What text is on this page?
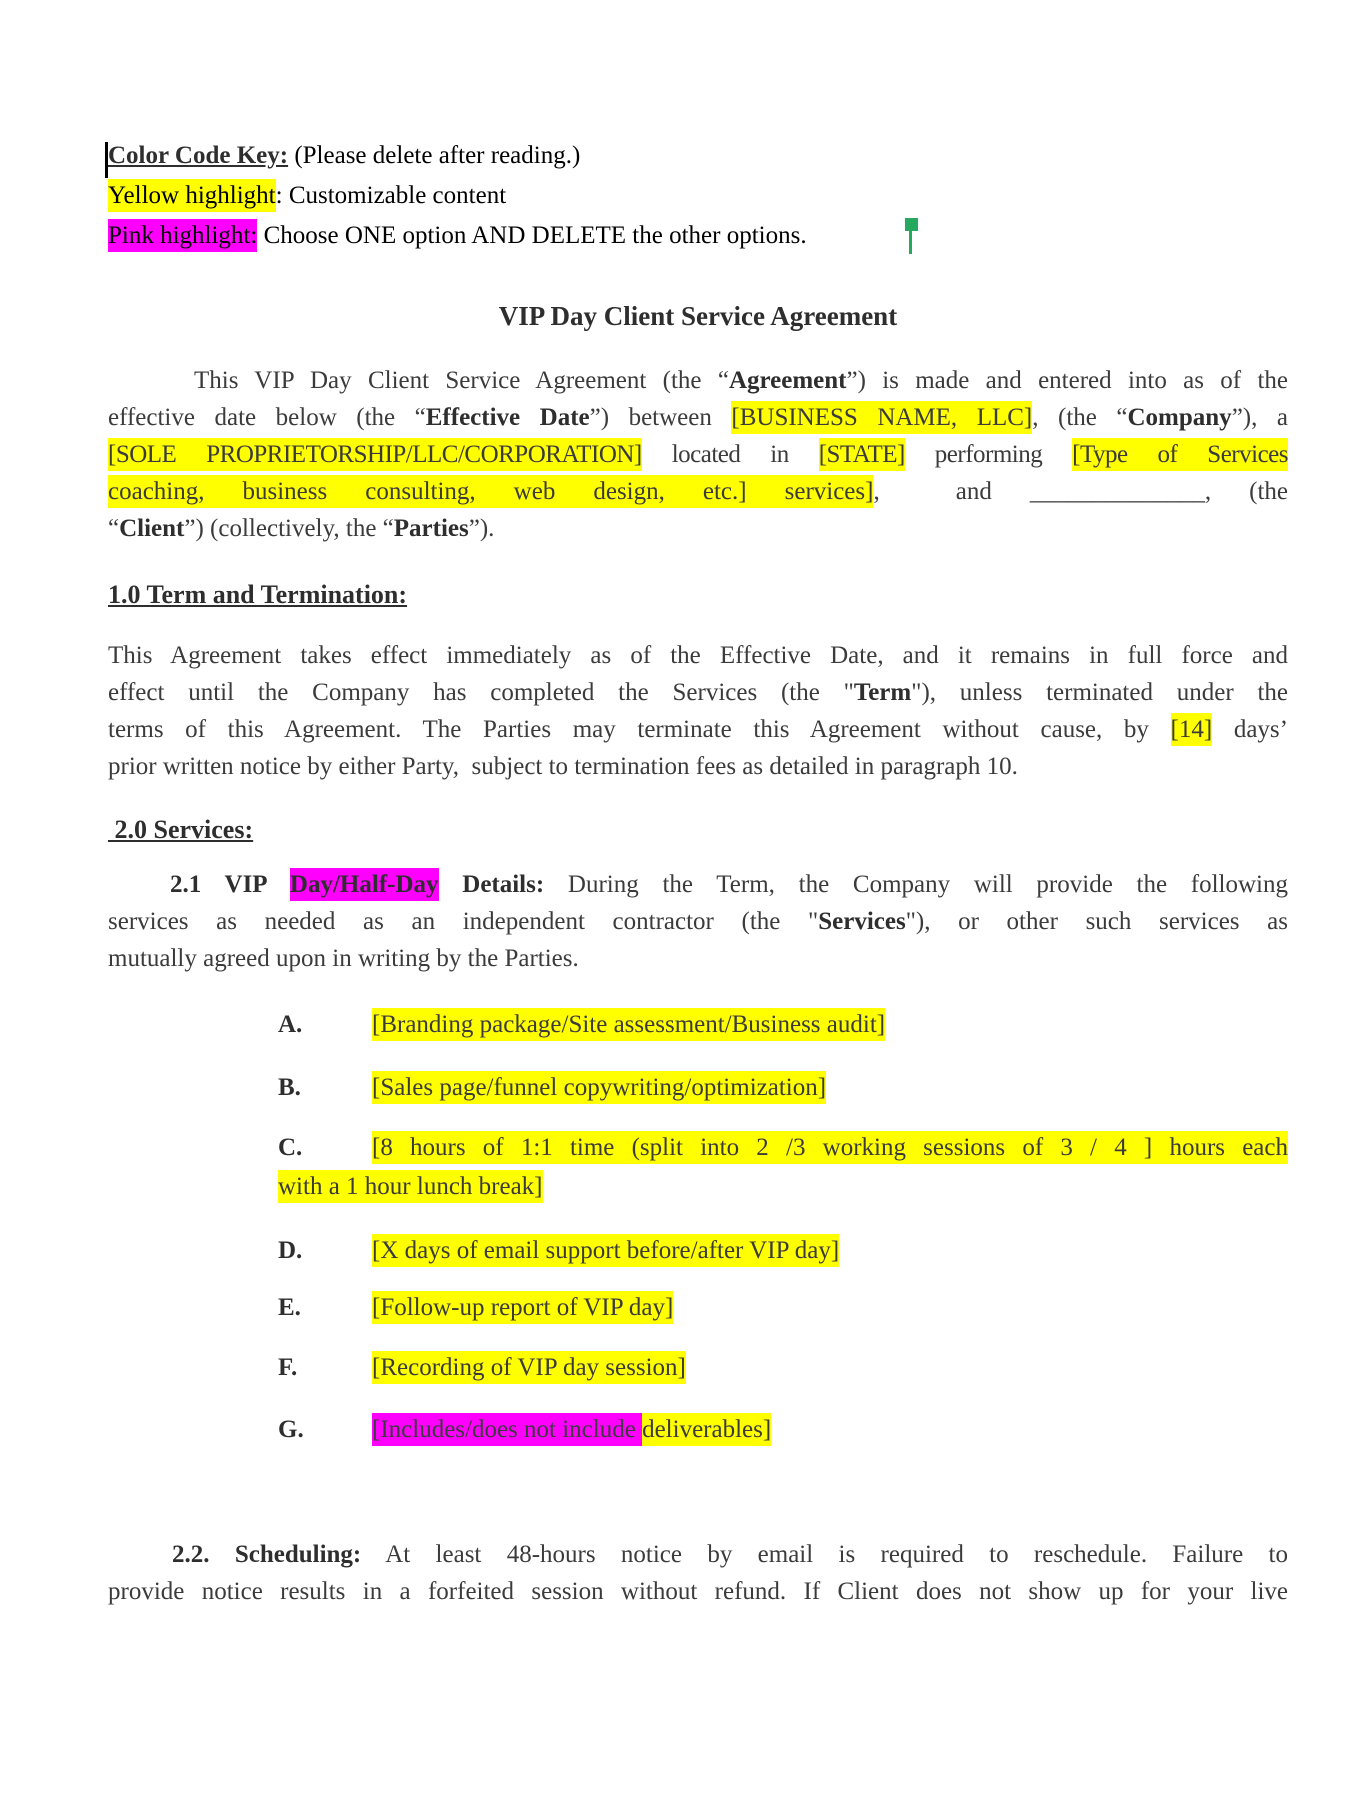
Color Code Key: (Please delete after reading.)
Yellow highlight: Customizable content
Pink highlight: Choose ONE option AND DELETE the other options.
VIP Day Client Service Agreement
This VIP Day Client Service Agreement (the “Agreement”) is made and entered into as of the
effective date below (the “Effective Date”) between [BUSINESS NAME, LLC], (the “Company”), a
[SOLE PROPRIETORSHIP/LLC/CORPORATION] located in [STATE] performing [Type of Services
coaching, business consulting, web design, etc.] services],  and ______________, (the
“Client”) (collectively, the “Parties”).
1.0 Term and Termination:
This Agreement takes effect immediately as of the Effective Date, and it remains in full force and
effect until the Company has completed the Services (the "Term"), unless terminated under the
terms of this Agreement. The Parties may terminate this Agreement without cause, by [14] days’
prior written notice by either Party,  subject to termination fees as detailed in paragraph 10.
2.0 Services:
2.1 VIP Day/Half-Day Details: During the Term, the Company will provide the following
services as needed as an independent contractor (the "Services"), or other such services as
mutually agreed upon in writing by the Parties.
A.	[Branding package/Site assessment/Business audit]
B.	[Sales page/funnel copywriting/optimization]
C.	[8 hours of 1:1 time (split into 2 /3 working sessions of 3 / 4 ] hours each
with a 1 hour lunch break]
D.	[X days of email support before/after VIP day]
E.	[Follow-up report of VIP day]
F.	[Recording of VIP day session]
G.	[Includes/does not include deliverables]
2.2. Scheduling: At least 48-hours notice by email is required to reschedule. Failure to
provide notice results in a forfeited session without refund. If Client does not show up for your live
